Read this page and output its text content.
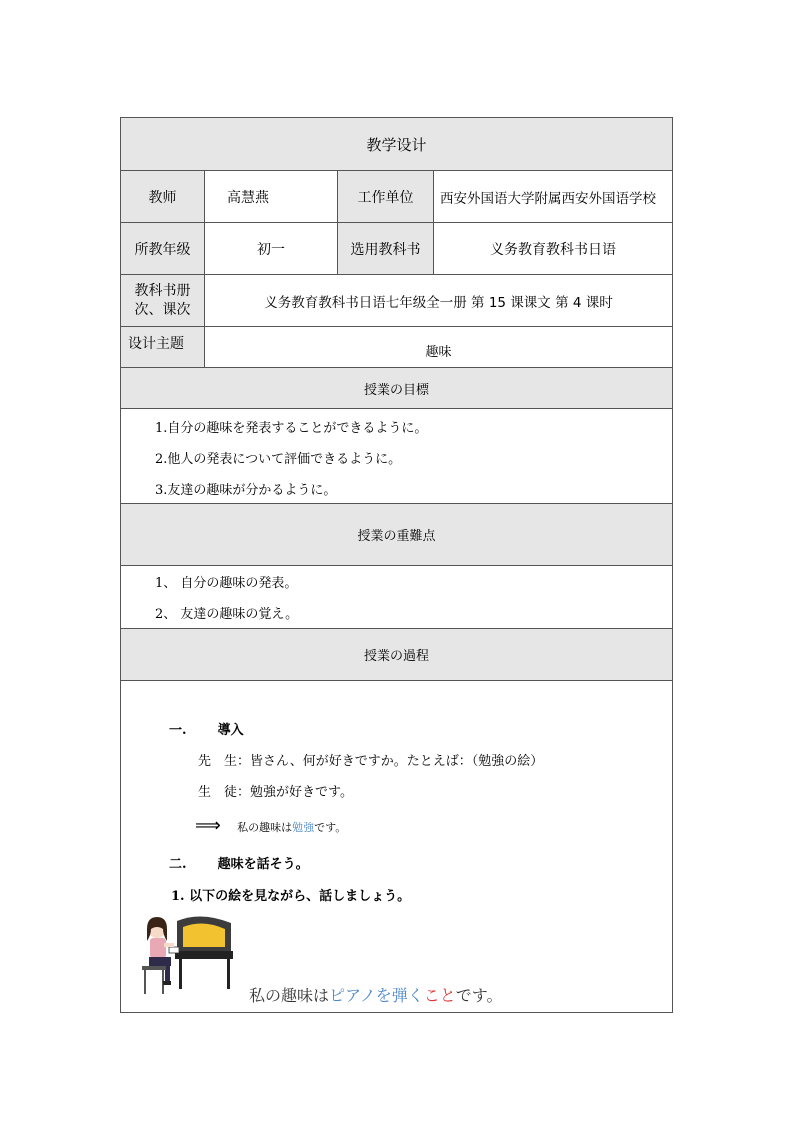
教学设计
教师	高慧燕	工作单位	西安外国语大学附属西安外国语学校
所教年级	初一	选用教科书	义务教育教科书日语
教科书册次、课次	义务教育教科书日语七年级全一册 第 15 课课文 第 4 课时
设计主题	趣味
授業の目標
1.自分の趣味を発表することができるように。
2.他人の発表について評価できるように。
3.友達の趣味が分かるように。
授業の重難点
1、 自分の趣味の発表。
2、 友達の趣味の覚え。
授業の過程
一. 導入
先　生：皆さん、何が好きですか。たとえば：（勉強の絵）
生　徒：勉強が好きです。
⟹ 私の趣味は勉強です。
二. 趣味を話そう。
1. 以下の絵を見ながら、話しましょう。
私の趣味はピアノを弾くことです。
